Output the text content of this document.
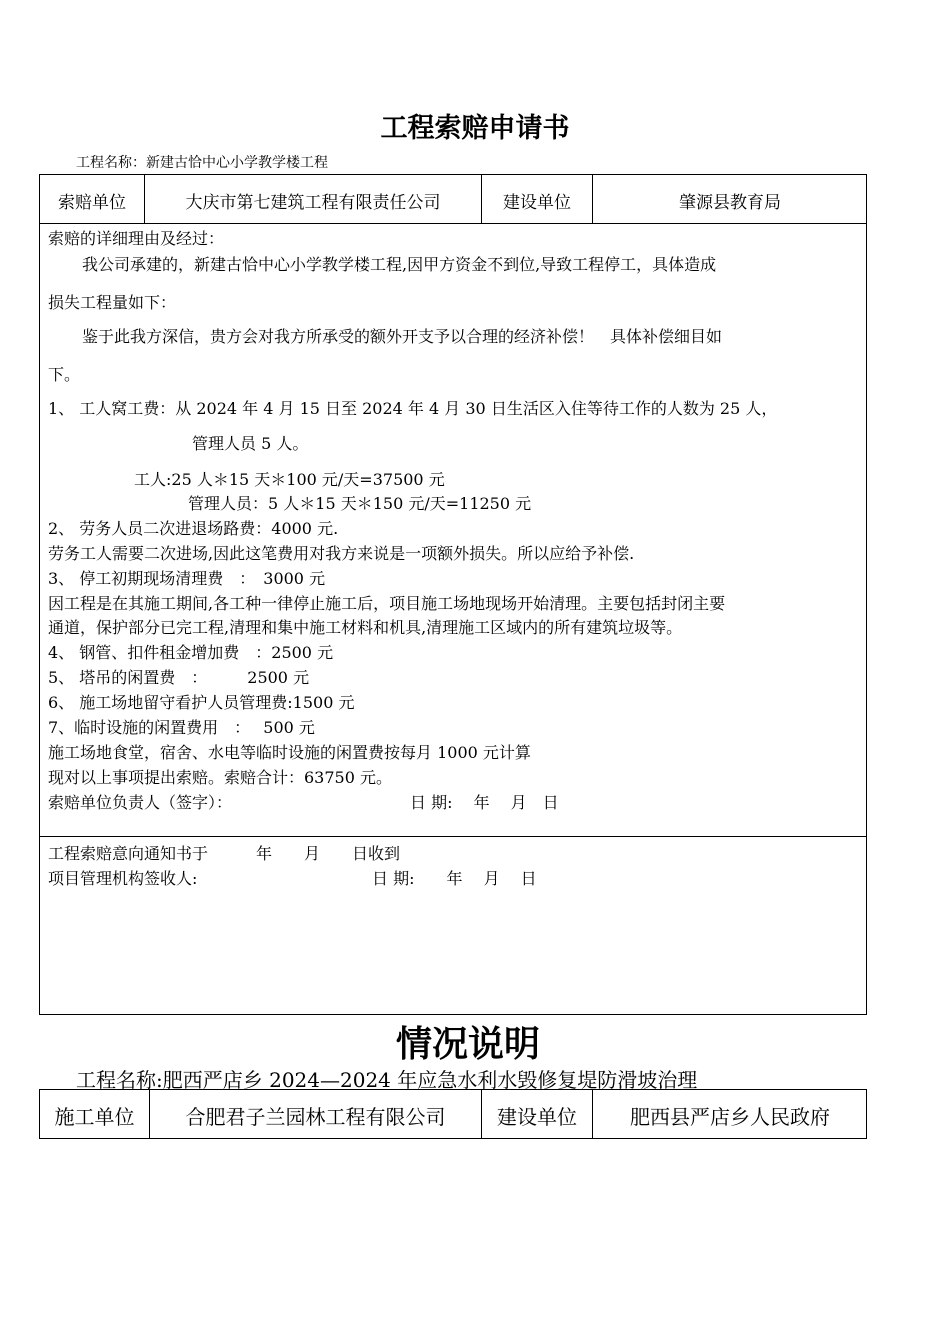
工程索赔申请书
工程名称：新建古恰中心小学教学楼工程
索赔单位	大庆市第七建筑工程有限责任公司	建设单位	肇源县教育局
索赔的详细理由及经过：
我公司承建的，新建古恰中心小学教学楼工程,因甲方资金不到位,导致工程停工，具体造成
损失工程量如下：
鉴于此我方深信，贵方会对我方所承受的额外开支予以合理的经济补偿！　具体补偿细目如
下。
1、 工人窝工费：从 2024 年 4 月 15 日至 2024 年 4 月 30 日生活区入住等待工作的人数为 25 人，
管理人员 5 人。
工人:25 人＊15 天＊100 元/天=37500 元
管理人员：5 人＊15 天＊150 元/天=11250 元
2、 劳务人员二次进退场路费：4000 元.
劳务工人需要二次进场,因此这笔费用对我方来说是一项额外损失。所以应给予补偿.
3、 停工初期现场清理费　：　3000 元
因工程是在其施工期间,各工种一律停止施工后，项目施工场地现场开始清理。主要包括封闭主要
通道，保护部分已完工程,清理和集中施工材料和机具,清理施工区域内的所有建筑垃圾等。
4、 钢管、扣件租金增加费　：2500 元
5、 塔吊的闲置费　：　　　2500 元
6、 施工场地留守看护人员管理费:1500 元
7、临时设施的闲置费用　：　 500 元
施工场地食堂，宿舍、水电等临时设施的闲置费按每月 1000 元计算
现对以上事项提出索赔。索赔合计：63750 元。
索赔单位负责人（签字）：	日 期:　 年　 月　日
工程索赔意向通知书于　　　年　　月　　日收到
项目管理机构签收人:	日 期:　　年　 月　 日
情况说明
工程名称:肥西严店乡 2024—2024 年应急水利水毁修复堤防滑坡治理
施工单位	合肥君子兰园林工程有限公司	建设单位	肥西县严店乡人民政府
